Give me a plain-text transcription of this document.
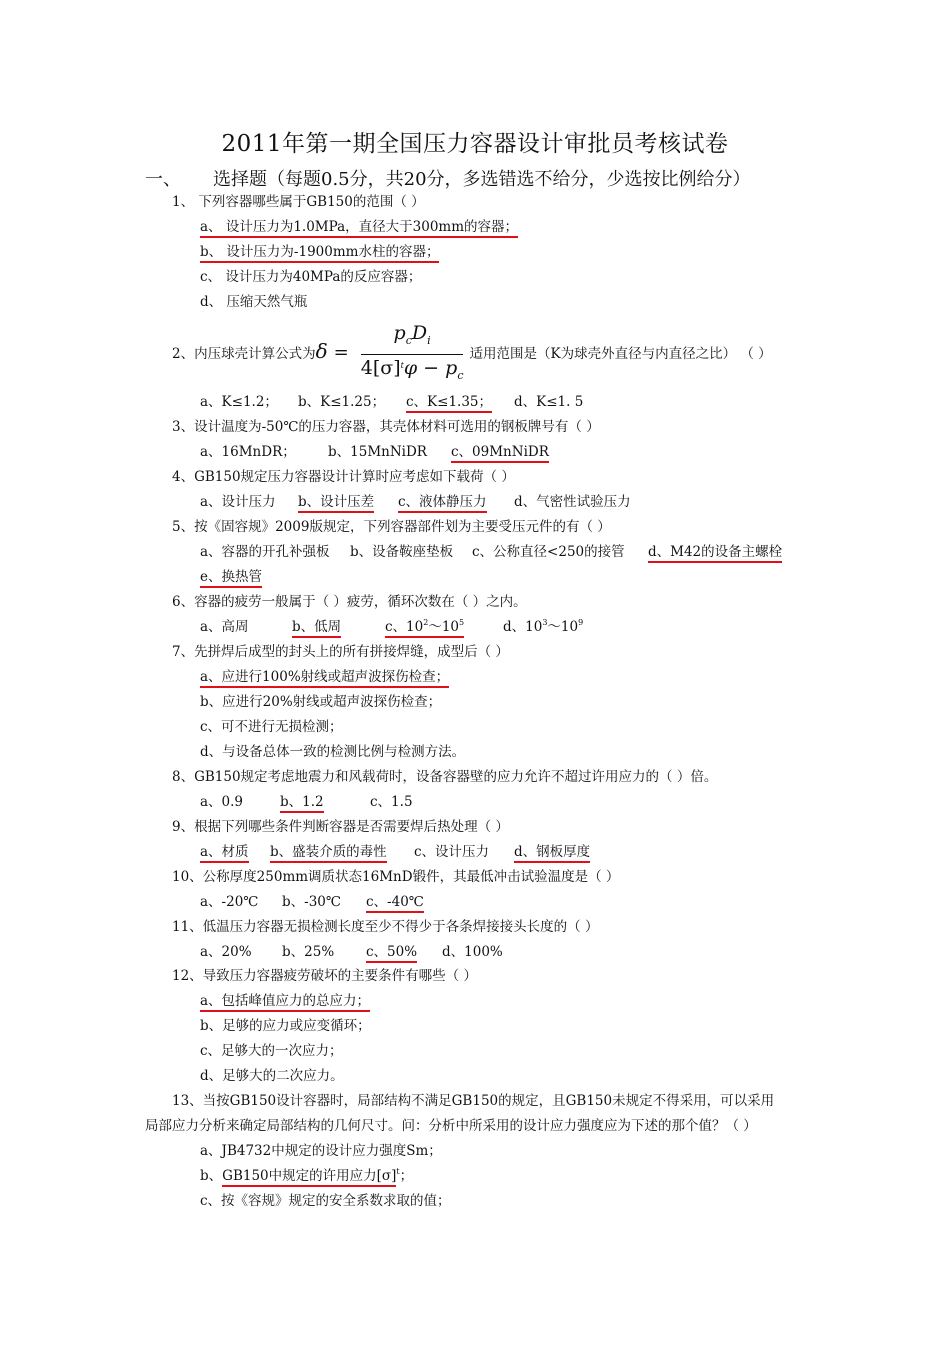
2011年第一期全国压力容器设计审批员考核试卷
一、 选择题（每题0.5分，共20分，多选错选不给分，少选按比例给分）
1、 下列容器哪些属于GB150的范围（ ）
a、 设计压力为1.0MPa，直径大于300mm的容器；
b、 设计压力为-1900mm水柱的容器；
c、 设计压力为40MPa的反应容器；
d、 压缩天然气瓶
2、内压球壳计算公式为$\delta = \frac{p_cD_i}{4[\sigma]^t\varphi - p_c}$ 适用范围是（K为球壳外直径与内直径之比） （ ）
a、K≤1.2； b、K≤1.25； c、K≤1.35； d、K≤1. 5
3、设计温度为-50℃的压力容器，其壳体材料可选用的钢板牌号有（ ）
a、16MnDR； b、15MnNiDR c、09MnNiDR
4、GB150规定压力容器设计计算时应考虑如下载荷（ ）
a、设计压力 b、设计压差 c、液体静压力 d、气密性试验压力
5、按《固容规》2009版规定，下列容器部件划为主要受压元件的有（ ）
a、容器的开孔补强板 b、设备鞍座垫板 c、公称直径<250的接管 d、M42的设备主螺栓
e、换热管
6、容器的疲劳一般属于（ ）疲劳，循环次数在（ ）之内。
a、高周	b、低周	c、$10^2\sim 10^5$	d、$10^3\sim 10^9$
7、先拼焊后成型的封头上的所有拼接焊缝，成型后（ ）
a、应进行100%射线或超声波探伤检查；
b、应进行20%射线或超声波探伤检查；
c、可不进行无损检测；
d、与设备总体一致的检测比例与检测方法。
8、GB150规定考虑地震力和风载荷时，设备容器壁的应力允许不超过许用应力的（ ）倍。
a、0.9	b、1.2	c、1.5
9、根据下列哪些条件判断容器是否需要焊后热处理（ ）
a、材质 b、盛装介质的毒性 c、设计压力 d、钢板厚度
10、公称厚度250mm调质状态16MnD锻件，其最低冲击试验温度是（ ）
a、-20℃ b、-30℃ c、-40℃
11、低温压力容器无损检测长度至少不得少于各条焊接接头长度的（ ）
a、20% b、25% c、50% d、100%
12、导致压力容器疲劳破坏的主要条件有哪些（ ）
a、包括峰值应力的总应力；
b、足够的应力或应变循环；
c、足够大的一次应力；
d、足够大的二次应力。
13、当按GB150设计容器时，局部结构不满足GB150的规定，且GB150未规定不得采用，可以采用
局部应力分析来确定局部结构的几何尺寸。问：分析中所采用的设计应力强度应为下述的那个值？（ ）
a、JB4732中规定的设计应力强度Sm；
b、GB150中规定的许用应力$[\sigma]^t$；
c、按《容规》规定的安全系数求取的值；
